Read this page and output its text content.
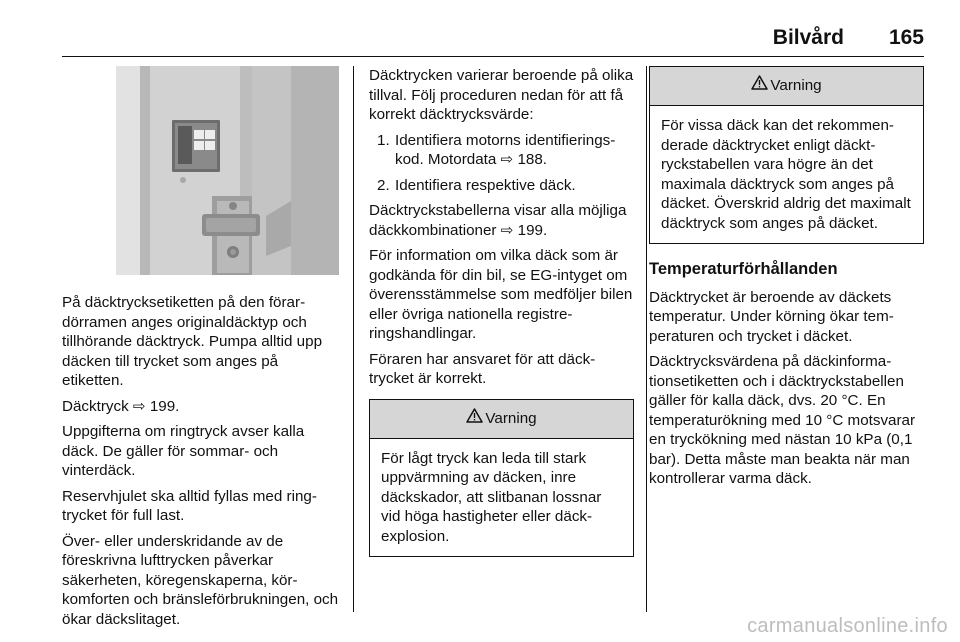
Bilvård 165

På däcktrycksetiketten på den förardörramen anges originaldäcktyp och tillhörande däcktryck. Pumpa alltid upp däcken till trycket som anges på etiketten.

Däcktryck ⇨ 199.

Uppgifterna om ringtryck avser kalla däck. De gäller för sommar- och vinterdäck.

Reservhjulet ska alltid fyllas med ringtrycket för full last.

Över- eller underskridande av de föreskrivna lufttrycken påverkar säkerheten, köregenskaperna, körkomforten och bränsleförbrukningen, och ökar däckslitaget.

Däcktrycken varierar beroende på olika tillval. Följ proceduren nedan för att få korrekt däcktrycksvärde:

1. Identifiera motorns identifieringskod. Motordata ⇨ 188.
2. Identifiera respektive däck.

Däcktryckstabellerna visar alla möjliga däckkombinationer ⇨ 199.

För information om vilka däck som är godkända för din bil, se EG-intyget om överensstämmelse som medföljer bilen eller övriga nationella registreringshandlingar.

Föraren har ansvaret för att däcktrycket är korrekt.

Varning
För lågt tryck kan leda till stark uppvärmning av däcken, inre däckskador, att slitbanan lossnar vid höga hastigheter eller däckexplosion.
Varning
För vissa däck kan det rekommenderade däcktrycket enligt däcktryckstabellen vara högre än det maximala däcktryck som anges på däcket. Överskrid aldrig det maximalt däcktryck som anges på däcket.
Temperaturförhållanden

Däcktrycket är beroende av däckets temperatur. Under körning ökar temperaturen och trycket i däcket.

Däcktrycksvärdena på däckinformationsetiketten och i däcktryckstabellen gäller för kalla däck, dvs. 20 °C. En temperaturökning med 10 °C motsvarar en tryckökning med nästan 10 kPa (0,1 bar). Detta måste man beakta när man kontrollerar varma däck.

carmanualsonline.info
